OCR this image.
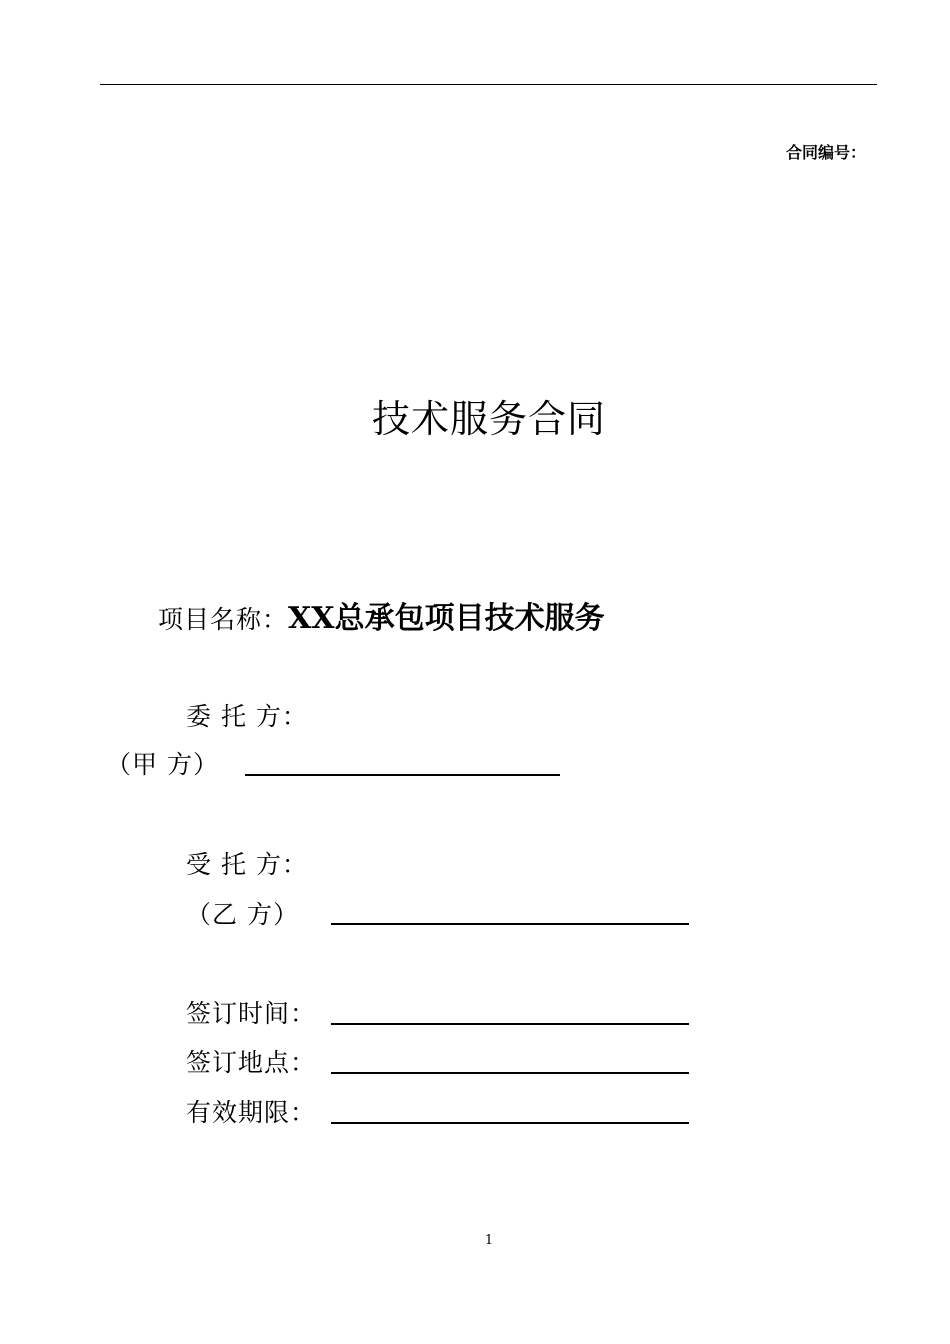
合同编号：
技术服务合同
项目名称：XX总承包项目技术服务
委 托 方：
（甲 方）
受 托 方：
（乙 方）
签订时间：
签订地点：
有效期限：
1
